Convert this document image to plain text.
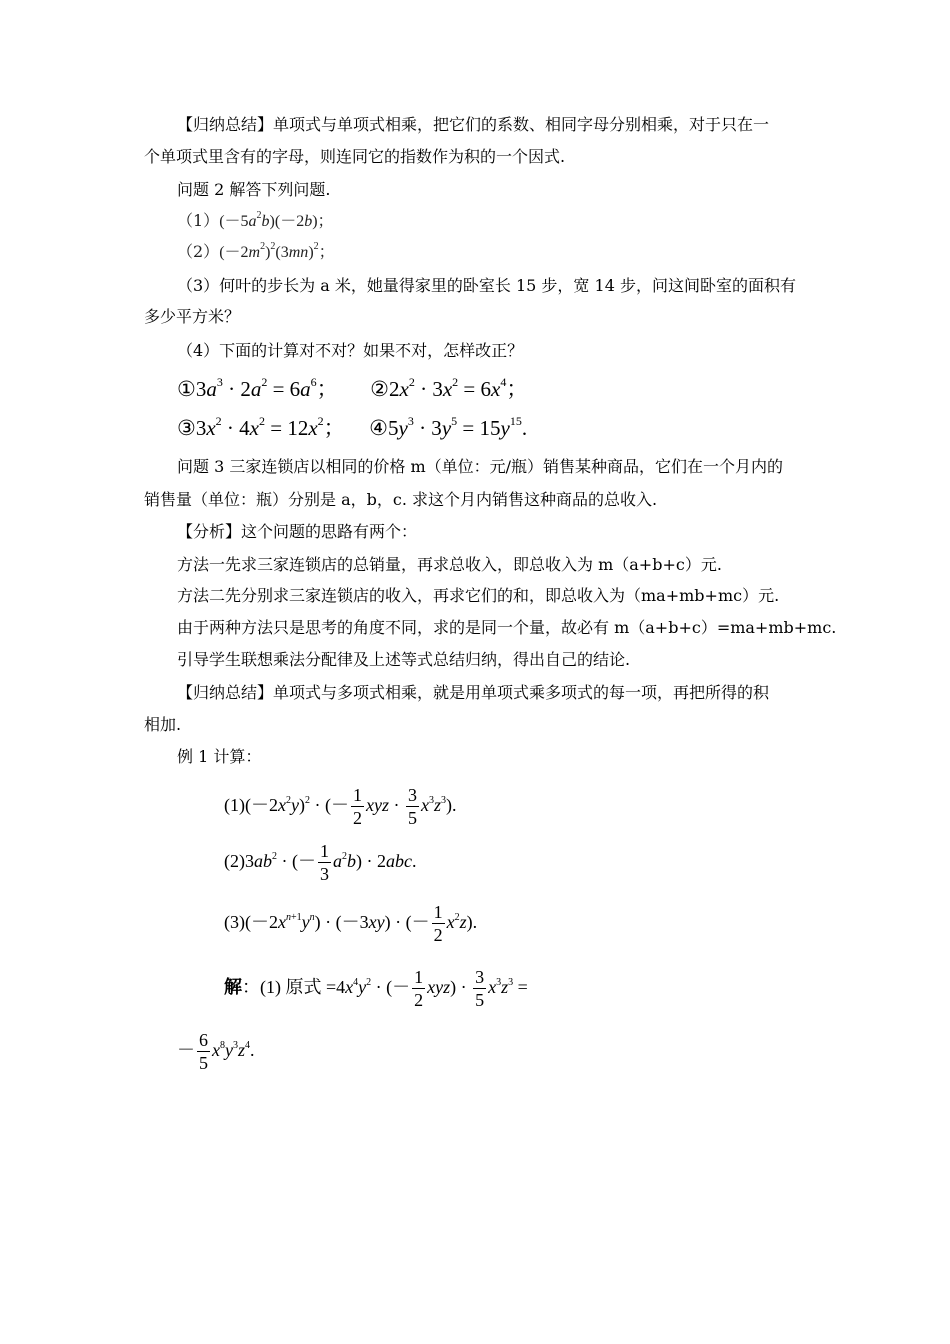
【归纳总结】单项式与单项式相乘，把它们的系数、相同字母分别相乘，对于只在一
个单项式里含有的字母，则连同它的指数作为积的一个因式.
问题 2 解答下列问题.
$(1)(-5a^2b)(-2b)$；
$(2)(-2m^2)^2(3mn)^2$；
（3）何叶的步长为 a 米，她量得家里的卧室长 15 步，宽 14 步，问这间卧室的面积有
多少平方米？
（4）下面的计算对不对？如果不对，怎样改正？
$①3a^3 \cdot 2a^2 = 6a^6$； $②2x^2 \cdot 3x^2 = 6x^4$；
$③3x^2 \cdot 4x^2 = 12x^2$； $④5y^3 \cdot 3y^5 = 15y^{15}$.
问题 3 三家连锁店以相同的价格 m（单位：元/瓶）销售某种商品，它们在一个月内的
销售量（单位：瓶）分别是 a，b，c. 求这个月内销售这种商品的总收入.
【分析】这个问题的思路有两个：
方法一先求三家连锁店的总销量，再求总收入，即总收入为 m（a+b+c）元.
方法二先分别求三家连锁店的收入，再求它们的和，即总收入为（ma+mb+mc）元.
由于两种方法只是思考的角度不同，求的是同一个量，故必有 m（a+b+c）=ma+mb+mc.
引导学生联想乘法分配律及上述等式总结归纳，得出自己的结论.
【归纳总结】单项式与多项式相乘，就是用单项式乘多项式的每一项，再把所得的积
相加.
例 1 计算：
$(1)(-2x^2y)^2$ · (－ $\frac{1}{2}$ xyz · $\frac{3}{5} x^3z^3$).
$(2)3ab^2$ · (－ $\frac{1}{3} a^2b) \cdot 2abc$.
$(3)(-2x^{n+1}y^n) \cdot (-3xy)$ · (－ $\frac{1}{2} x^2z$).
解：(1) 原式 $=4x^4y^2$ · (－ $\frac{1}{2} xyz) \cdot \frac{3}{5} x^3z^3$ =
－ $\frac{6}{5} x^8y^3z^4$.
